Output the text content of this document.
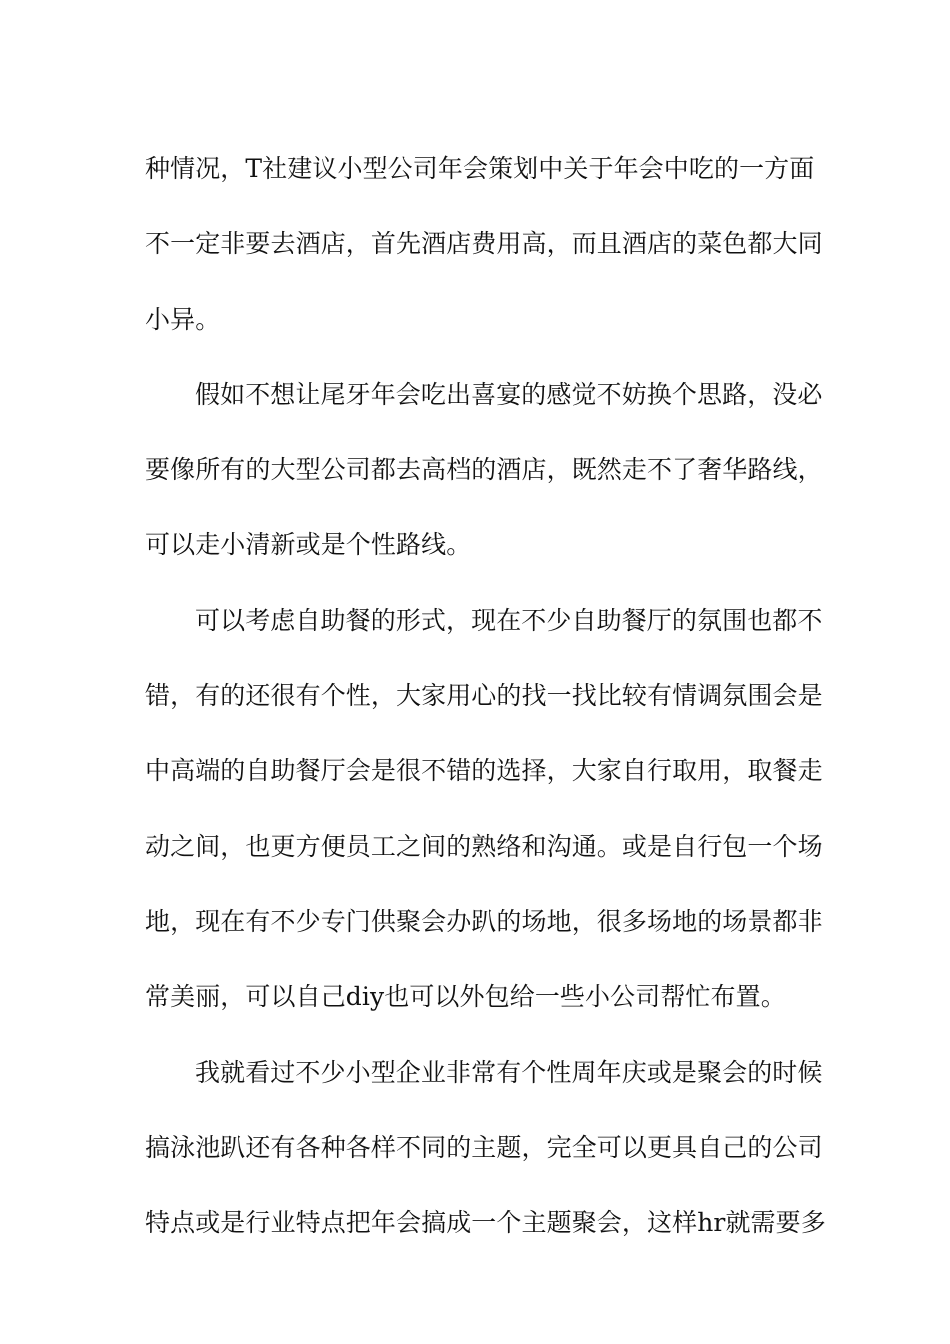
种情况，T社建议小型公司年会策划中关于年会中吃的一方面
不一定非要去酒店，首先酒店费用高，而且酒店的菜色都大同
小异。

假如不想让尾牙年会吃出喜宴的感觉不妨换个思路，没必
要像所有的大型公司都去高档的酒店，既然走不了奢华路线，
可以走小清新或是个性路线。

可以考虑自助餐的形式，现在不少自助餐厅的氛围也都不
错，有的还很有个性，大家用心的找一找比较有情调氛围会是
中高端的自助餐厅会是很不错的选择，大家自行取用，取餐走
动之间，也更方便员工之间的熟络和沟通。或是自行包一个场
地，现在有不少专门供聚会办趴的场地，很多场地的场景都非
常美丽，可以自己diy也可以外包给一些小公司帮忙布置。

我就看过不少小型企业非常有个性周年庆或是聚会的时候
搞泳池趴还有各种各样不同的主题，完全可以更具自己的公司
特点或是行业特点把年会搞成一个主题聚会，这样hr就需要多
